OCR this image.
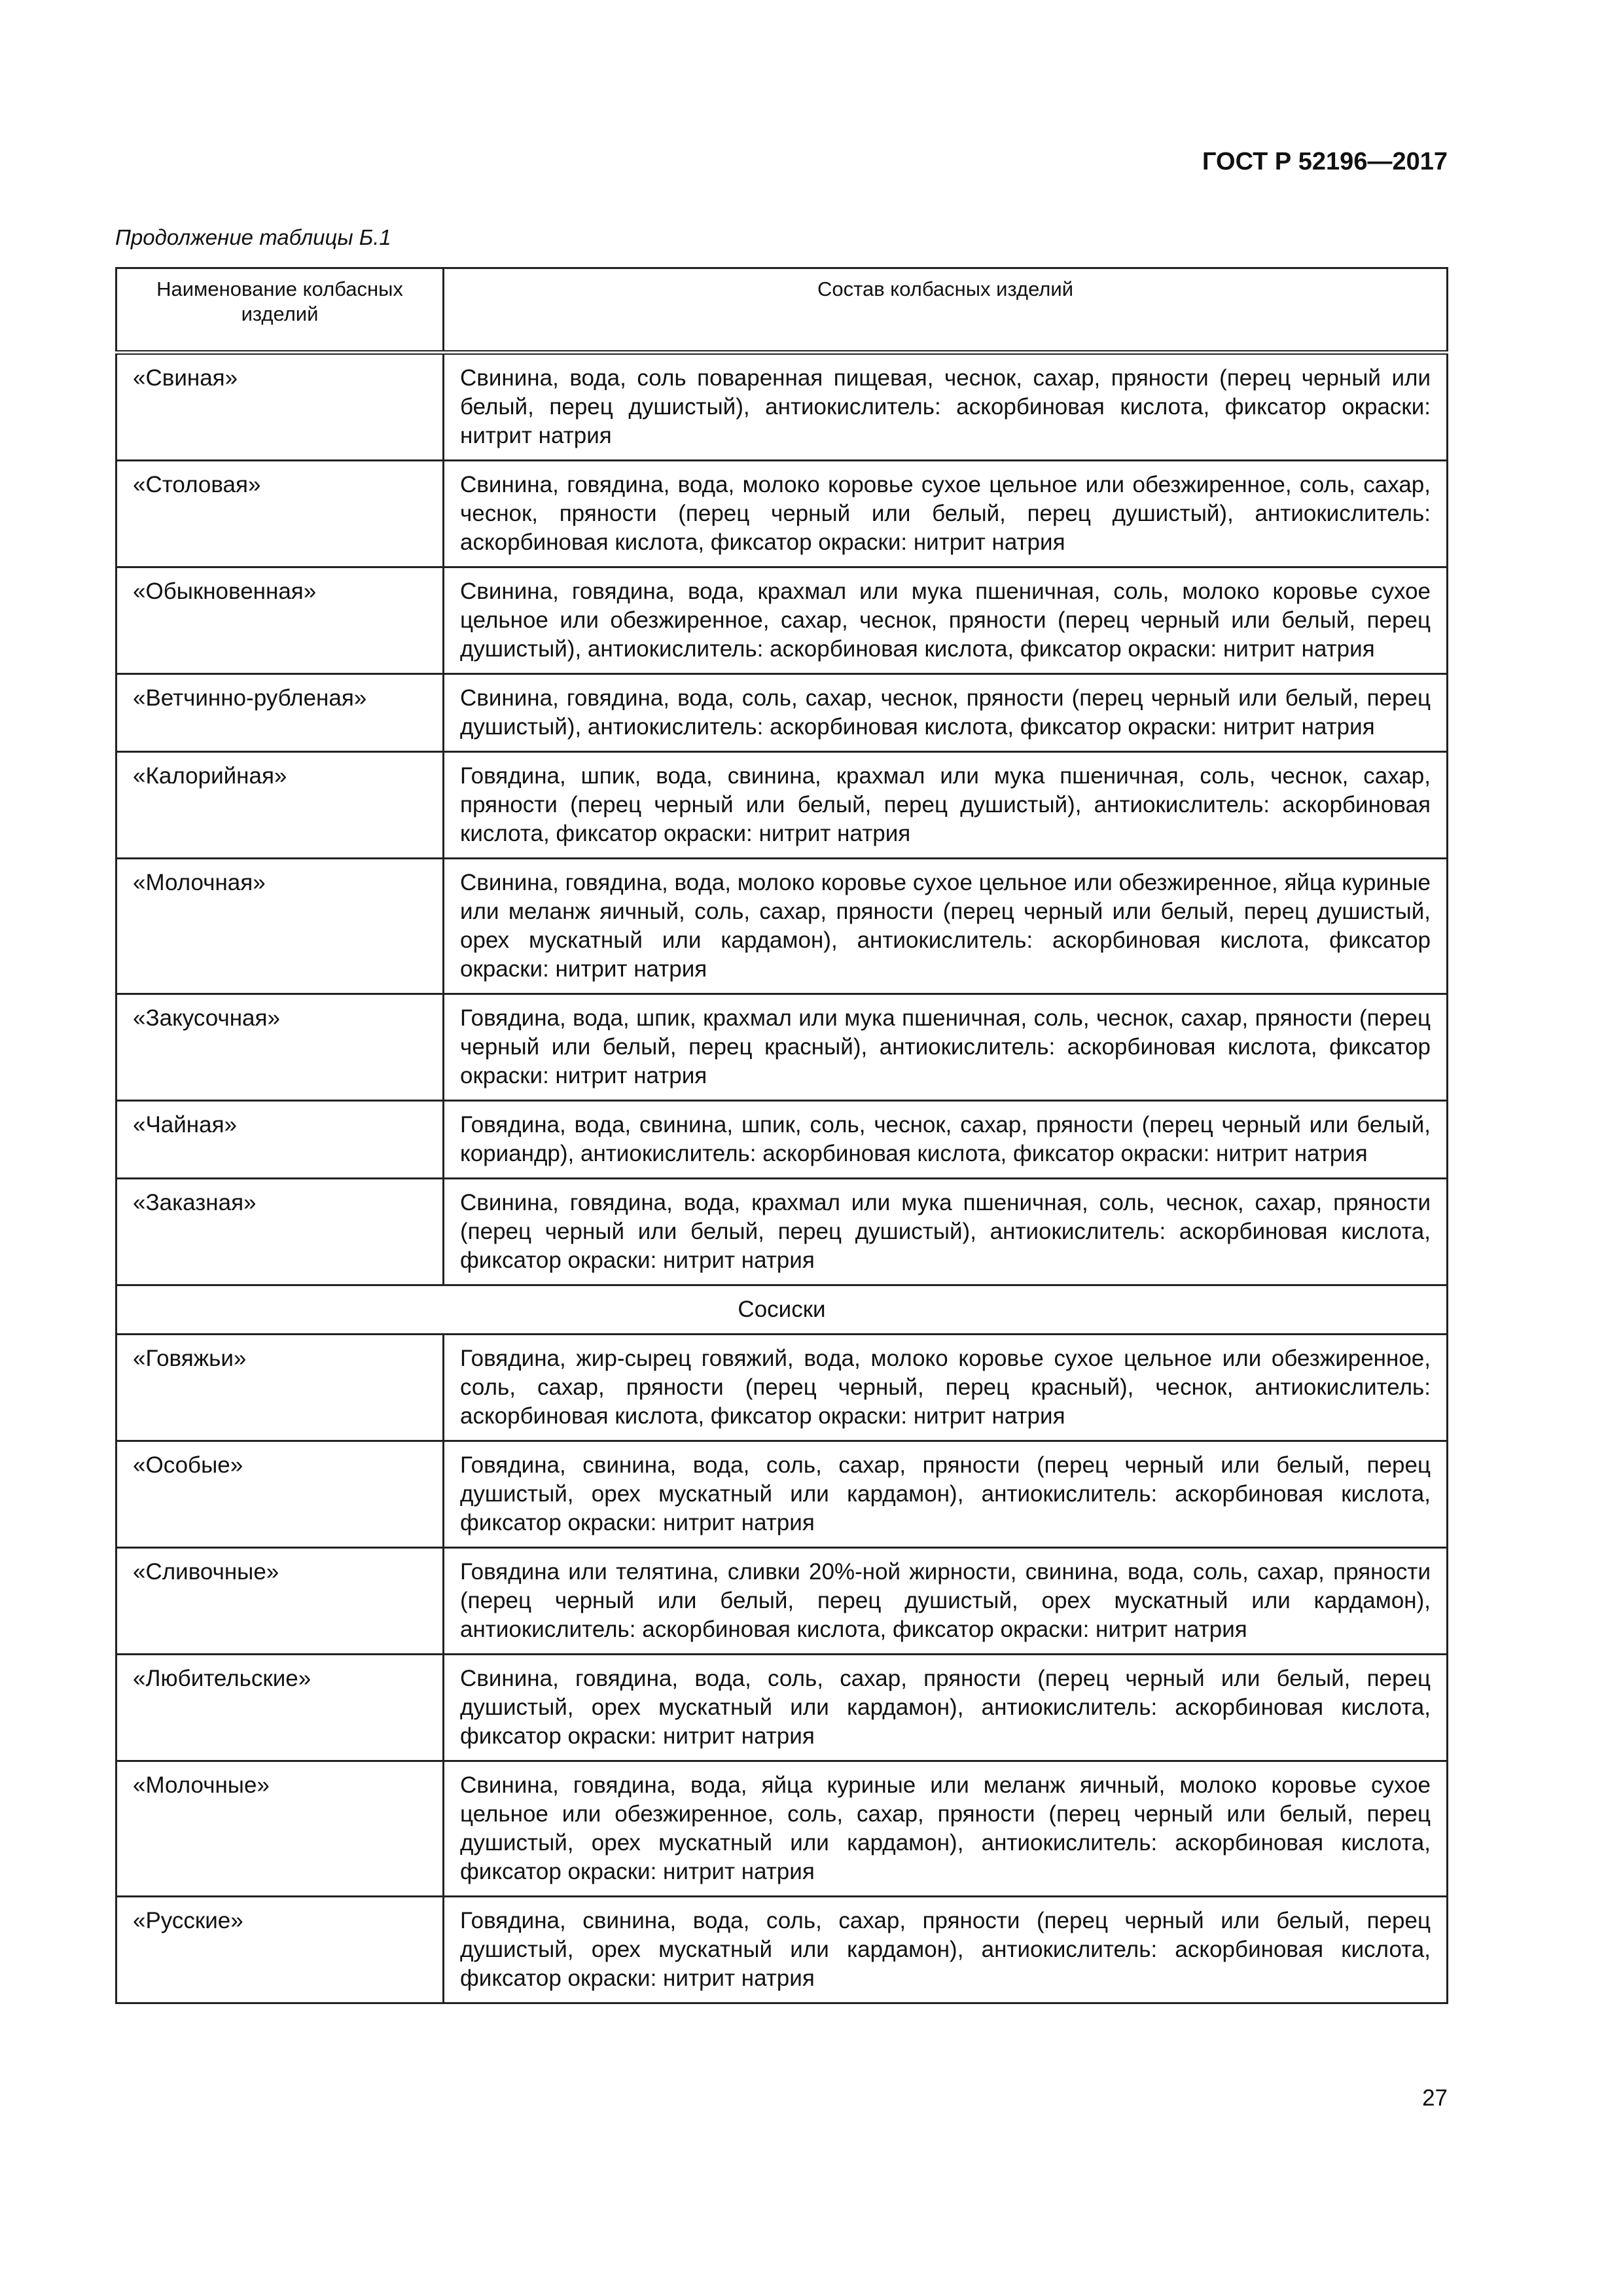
ГОСТ Р 52196—2017
Продолжение таблицы Б.1
Наименование колбасных изделий	Состав колбасных изделий
«Свиная»	Свинина, вода, соль поваренная пищевая, чеснок, сахар, пряности (перец черный или белый, перец душистый), антиокислитель: аскорбиновая кислота, фиксатор окраски: нитрит натрия
«Столовая»	Свинина, говядина, вода, молоко коровье сухое цельное или обезжиренное, соль, сахар, чеснок, пряности (перец черный или белый, перец душистый), антиокислитель: аскорбиновая кислота, фиксатор окраски: нитрит натрия
«Обыкновенная»	Свинина, говядина, вода, крахмал или мука пшеничная, соль, молоко коровье сухое цельное или обезжиренное, сахар, чеснок, пряности (перец черный или белый, перец душистый), антиокислитель: аскорбиновая кислота, фиксатор окраски: нитрит натрия
«Ветчинно-рубленая»	Свинина, говядина, вода, соль, сахар, чеснок, пряности (перец черный или белый, перец душистый), антиокислитель: аскорбиновая кислота, фиксатор окраски: нитрит натрия
«Калорийная»	Говядина, шпик, вода, свинина, крахмал или мука пшеничная, соль, чеснок, сахар, пряности (перец черный или белый, перец душистый), антиокислитель: аскорбиновая кислота, фиксатор окраски: нитрит натрия
«Молочная»	Свинина, говядина, вода, молоко коровье сухое цельное или обезжиренное, яйца куриные или меланж яичный, соль, сахар, пряности (перец черный или белый, перец душистый, орех мускатный или кардамон), антиокислитель: аскорбиновая кислота, фиксатор окраски: нитрит натрия
«Закусочная»	Говядина, вода, шпик, крахмал или мука пшеничная, соль, чеснок, сахар, пряности (перец черный или белый, перец красный), антиокислитель: аскорбиновая кислота, фиксатор окраски: нитрит натрия
«Чайная»	Говядина, вода, свинина, шпик, соль, чеснок, сахар, пряности (перец черный или белый, кориандр), антиокислитель: аскорбиновая кислота, фиксатор окраски: нитрит натрия
«Заказная»	Свинина, говядина, вода, крахмал или мука пшеничная, соль, чеснок, сахар, пряности (перец черный или белый, перец душистый), антиокислитель: аскорбиновая кислота, фиксатор окраски: нитрит натрия
Сосиски	
«Говяжьи»	Говядина, жир-сырец говяжий, вода, молоко коровье сухое цельное или обезжиренное, соль, сахар, пряности (перец черный, перец красный), чеснок, антиокислитель: аскорбиновая кислота, фиксатор окраски: нитрит натрия
«Особые»	Говядина, свинина, вода, соль, сахар, пряности (перец черный или белый, перец душистый, орех мускатный или кардамон), антиокислитель: аскорбиновая кислота, фиксатор окраски: нитрит натрия
«Сливочные»	Говядина или телятина, сливки 20%-ной жирности, свинина, вода, соль, сахар, пряности (перец черный или белый, перец душистый, орех мускатный или кардамон), антиокислитель: аскорбиновая кислота, фиксатор окраски: нитрит натрия
«Любительские»	Свинина, говядина, вода, соль, сахар, пряности (перец черный или белый, перец душистый, орех мускатный или кардамон), антиокислитель: аскорбиновая кислота, фиксатор окраски: нитрит натрия
«Молочные»	Свинина, говядина, вода, яйца куриные или меланж яичный, молоко коровье сухое цельное или обезжиренное, соль, сахар, пряности (перец черный или белый, перец душистый, орех мускатный или кардамон), антиокислитель: аскорбиновая кислота, фиксатор окраски: нитрит натрия
«Русские»	Говядина, свинина, вода, соль, сахар, пряности (перец черный или белый, перец душистый, орех мускатный или кардамон), антиокислитель: аскорбиновая кислота, фиксатор окраски: нитрит натрия
27
